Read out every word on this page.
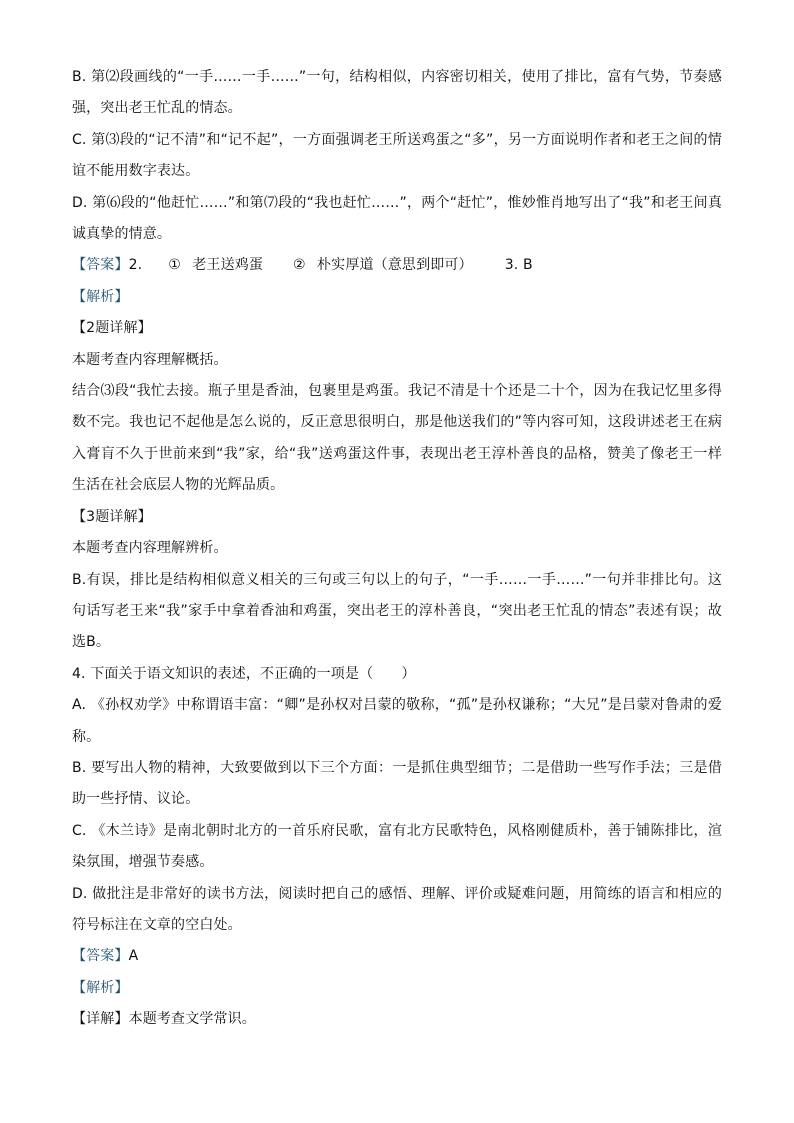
B. 第⑵段画线的“一手……一手……”一句，结构相似，内容密切相关，使用了排比，富有气势，节奏感强，突出老王忙乱的情态。

C. 第⑶段的“记不清”和“记不起”，一方面强调老王所送鸡蛋之“多”，另一方面说明作者和老王之间的情谊不能用数字表达。

D. 第⑹段的“他赶忙……”和第⑺段的“我也赶忙……”，两个“赶忙”，惟妙惟肖地写出了“我”和老王间真诚真挚的情意。

【答案】 2. ① 老王送鸡蛋 ② 朴实厚道（意思到即可） 3. B

【解析】

【2题详解】

本题考查内容理解概括。

结合⑶段“我忙去接。瓶子里是香油，包裹里是鸡蛋。我记不清是十个还是二十个，因为在我记忆里多得数不完。我也记不起他是怎么说的，反正意思很明白，那是他送我们的”等内容可知，这段讲述老王在病入膏肓不久于世前来到“我”家，给“我”送鸡蛋这件事，表现出老王淳朴善良的品格，赞美了像老王一样生活在社会底层人物的光辉品质。

【3题详解】

本题考查内容理解辨析。

B.有误，排比是结构相似意义相关的三句或三句以上的句子，“一手……一手……”一句并非排比句。这句话写老王来“我”家手中拿着香油和鸡蛋，突出老王的淳朴善良，“突出老王忙乱的情态”表述有误；故选B。

4. 下面关于语文知识的表述，不正确的一项是（　　）

A. 《孙权劝学》中称谓语丰富：“卿”是孙权对吕蒙的敬称，“孤”是孙权谦称；“大兄”是吕蒙对鲁肃的爱称。

B. 要写出人物的精神，大致要做到以下三个方面：一是抓住典型细节；二是借助一些写作手法；三是借助一些抒情、议论。

C. 《木兰诗》是南北朝时北方的一首乐府民歌，富有北方民歌特色，风格刚健质朴，善于铺陈排比，渲染氛围，增强节奏感。

D. 做批注是非常好的读书方法，阅读时把自己的感悟、理解、评价或疑难问题，用简练的语言和相应的符号标注在文章的空白处。

【答案】A

【解析】

【详解】本题考查文学常识。
